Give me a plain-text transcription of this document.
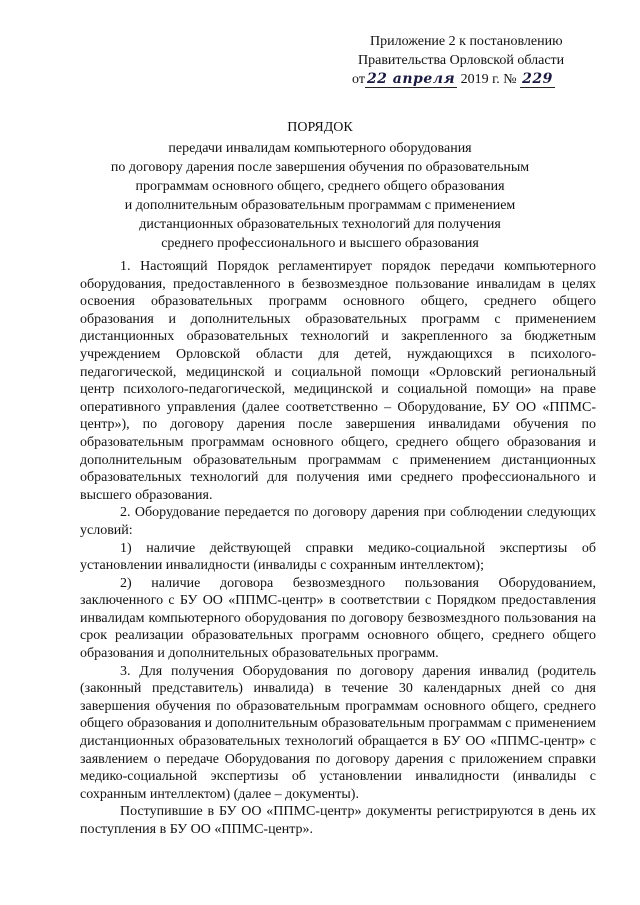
Приложение 2 к постановлению
Правительства Орловской области
от 22 апреля 2019 г. № 229
ПОРЯДОК
передачи инвалидам компьютерного оборудования
по договору дарения после завершения обучения по образовательным
программам основного общего, среднего общего образования
и дополнительным образовательным программам с применением
дистанционных образовательных технологий для получения
среднего профессионального и высшего образования

1. Настоящий Порядок регламентирует порядок передачи компьютерного оборудования, предоставленного в безвозмездное пользование инвалидам в целях освоения образовательных программ основного общего, среднего общего образования и дополнительных образовательных программ с применением дистанционных образовательных технологий и закрепленного за бюджетным учреждением Орловской области для детей, нуждающихся в психолого-педагогической, медицинской и социальной помощи «Орловский региональный центр психолого-педагогической, медицинской и социальной помощи» на праве оперативного управления (далее соответственно – Оборудование, БУ ОО «ППМС-центр»), по договору дарения после завершения инвалидами обучения по образовательным программам основного общего, среднего общего образования и дополнительным образовательным программам с применением дистанционных образовательных технологий для получения ими среднего профессионального и высшего образования.

2. Оборудование передается по договору дарения при соблюдении следующих условий:

1) наличие действующей справки медико-социальной экспертизы об установлении инвалидности (инвалиды с сохранным интеллектом);

2) наличие договора безвозмездного пользования Оборудованием, заключенного с БУ ОО «ППМС-центр» в соответствии с Порядком предоставления инвалидам компьютерного оборудования по договору безвозмездного пользования на срок реализации образовательных программ основного общего, среднего общего образования и дополнительных образовательных программ.

3. Для получения Оборудования по договору дарения инвалид (родитель (законный представитель) инвалида) в течение 30 календарных дней со дня завершения обучения по образовательным программам основного общего, среднего общего образования и дополнительным образовательным программам с применением дистанционных образовательных технологий обращается в БУ ОО «ППМС-центр» с заявлением о передаче Оборудования по договору дарения с приложением справки медико-социальной экспертизы об установлении инвалидности (инвалиды с сохранным интеллектом) (далее – документы).

Поступившие в БУ ОО «ППМС-центр» документы регистрируются в день их поступления в БУ ОО «ППМС-центр».
